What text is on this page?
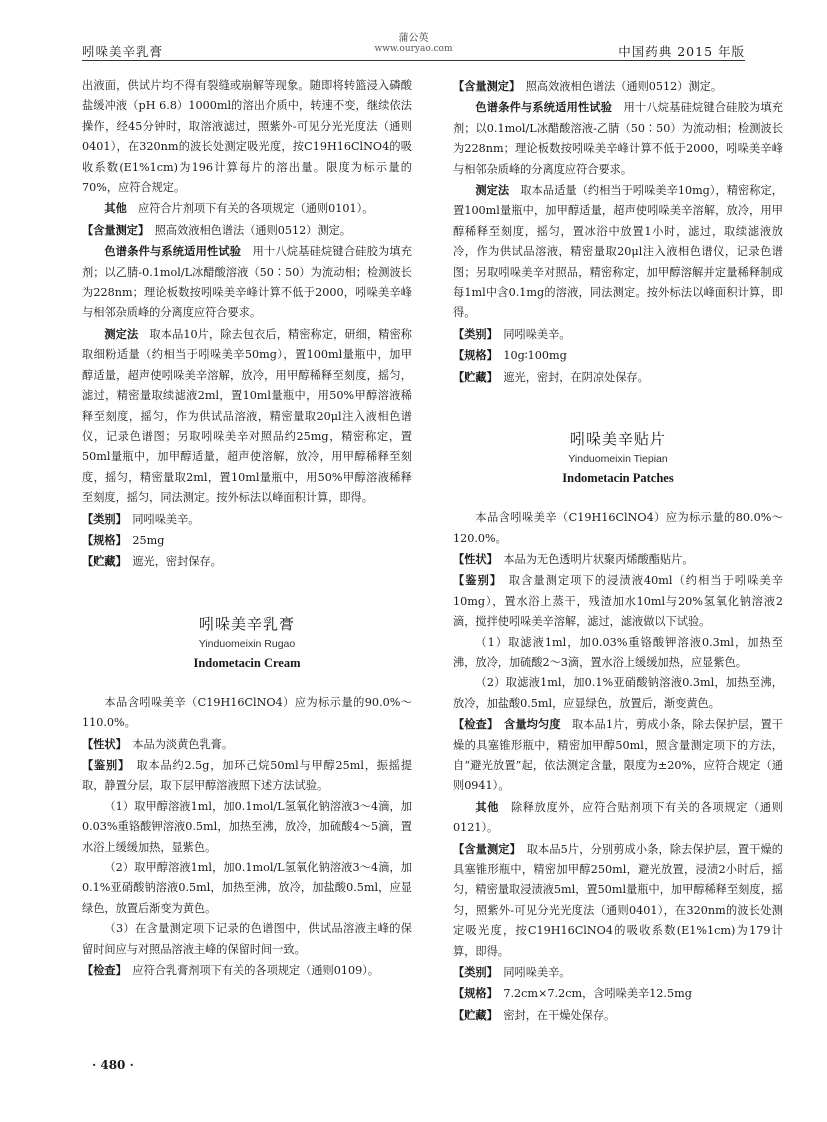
吲哚美辛乳膏
蒲公英
www.ouryao.com	中国药典 2015 年版

出液面，供试片均不得有裂缝或崩解等现象。随即将转篮浸入磷酸盐缓冲液（pH 6.8）1000ml的溶出介质中，转速不变，继续依法操作，经45分钟时，取溶液滤过，照紫外-可见分光光度法（通则0401），在320nm的波长处测定吸光度，按C19H16ClNO4的吸收系数(E1%1cm)为196计算每片的溶出量。限度为标示量的70%，应符合规定。

其他　 应符合片剂项下有关的各项规定（通则0101）。

【含量测定】　 照高效液相色谱法（通则0512）测定。

色谱条件与系统适用性试验　 用十八烷基硅烷键合硅胶为填充剂；以乙腈-0.1mol/L冰醋酸溶液（50∶50）为流动相；检测波长为228nm；理论板数按吲哚美辛峰计算不低于2000，吲哚美辛峰与相邻杂质峰的分离度应符合要求。

测定法　 取本品10片，除去包衣后，精密称定，研细，精密称取细粉适量（约相当于吲哚美辛50mg），置100ml量瓶中，加甲醇适量，超声使吲哚美辛溶解，放冷，用甲醇稀释至刻度，摇匀，滤过，精密量取续滤液2ml，置10ml量瓶中，用50%甲醇溶液稀释至刻度，摇匀，作为供试品溶液，精密量取20μl注入液相色谱仪，记录色谱图；另取吲哚美辛对照品约25mg，精密称定，置50ml量瓶中，加甲醇适量，超声使溶解，放冷，用甲醇稀释至刻度，摇匀，精密量取2ml，置10ml量瓶中，用50%甲醇溶液稀释至刻度，摇匀，同法测定。按外标法以峰面积计算，即得。

【类别】　 同吲哚美辛。

【规格】　 25mg

【贮藏】　 遮光，密封保存。

吲哚美辛乳膏

Yinduomeixin Rugao

Indometacin Cream

本品含吲哚美辛（C19H16ClNO4）应为标示量的90.0%～110.0%。

【性状】　 本品为淡黄色乳膏。

【鉴别】　 取本品约2.5g，加环己烷50ml与甲醇25ml，振摇提取，静置分层，取下层甲醇溶液照下述方法试验。

（1）取甲醇溶液1ml，加0.1mol/L氢氧化钠溶液3～4滴，加0.03%重铬酸钾溶液0.5ml，加热至沸，放冷，加硫酸4～5滴，置水浴上缓缓加热，显紫色。

（2）取甲醇溶液1ml，加0.1mol/L氢氧化钠溶液3～4滴，加0.1%亚硝酸钠溶液0.5ml，加热至沸，放冷，加盐酸0.5ml，应显绿色，放置后渐变为黄色。

（3）在含量测定项下记录的色谱图中，供试品溶液主峰的保留时间应与对照品溶液主峰的保留时间一致。

【检查】　 应符合乳膏剂项下有关的各项规定（通则0109）。

【含量测定】　 照高效液相色谱法（通则0512）测定。

色谱条件与系统适用性试验　 用十八烷基硅烷键合硅胶为填充剂；以0.1mol/L冰醋酸溶液-乙腈（50∶50）为流动相；检测波长为228nm；理论板数按吲哚美辛峰计算不低于2000，吲哚美辛峰与相邻杂质峰的分离度应符合要求。

测定法　 取本品适量（约相当于吲哚美辛10mg），精密称定，置100ml量瓶中，加甲醇适量，超声使吲哚美辛溶解，放冷，用甲醇稀释至刻度，摇匀，置冰浴中放置1小时，滤过，取续滤液放冷，作为供试品溶液，精密量取20μl注入液相色谱仪，记录色谱图；另取吲哚美辛对照品，精密称定，加甲醇溶解并定量稀释制成每1ml中含0.1mg的溶液，同法测定。按外标法以峰面积计算，即得。

【类别】　 同吲哚美辛。

【规格】　 10g∶100mg

【贮藏】　 遮光，密封，在阴凉处保存。

吲哚美辛贴片

Yinduomeixin Tiepian

Indometacin Patches

本品含吲哚美辛（C19H16ClNO4）应为标示量的80.0%～120.0%。

【性状】　 本品为无色透明片状聚丙烯酸酯贴片。

【鉴别】　 取含量测定项下的浸渍液40ml（约相当于吲哚美辛10mg），置水浴上蒸干，残渣加水10ml与20%氢氧化钠溶液2滴，搅拌使吲哚美辛溶解，滤过，滤液做以下试验。

（1）取滤液1ml，加0.03%重铬酸钾溶液0.3ml，加热至沸，放冷，加硫酸2～3滴，置水浴上缓缓加热，应显紫色。

（2）取滤液1ml，加0.1%亚硝酸钠溶液0.3ml，加热至沸，放冷，加盐酸0.5ml，应显绿色，放置后，渐变黄色。

【检查】　 含量均匀度　 取本品1片，剪成小条，除去保护层，置干燥的具塞锥形瓶中，精密加甲醇50ml，照含量测定项下的方法，自“避光放置”起，依法测定含量，限度为±20%，应符合规定（通则0941）。

其他　 除释放度外，应符合贴剂项下有关的各项规定（通则0121）。

【含量测定】　 取本品5片，分别剪成小条，除去保护层，置干燥的具塞锥形瓶中，精密加甲醇250ml，避光放置，浸渍2小时后，摇匀，精密量取浸渍液5ml，置50ml量瓶中，加甲醇稀释至刻度，摇匀，照紫外-可见分光光度法（通则0401），在320nm的波长处测定吸光度，按C19H16ClNO4的吸收系数(E1%1cm)为179计算，即得。

【类别】　 同吲哚美辛。

【规格】　 7.2cm×7.2cm，含吲哚美辛12.5mg

【贮藏】　 密封，在干燥处保存。

· 480 ·
